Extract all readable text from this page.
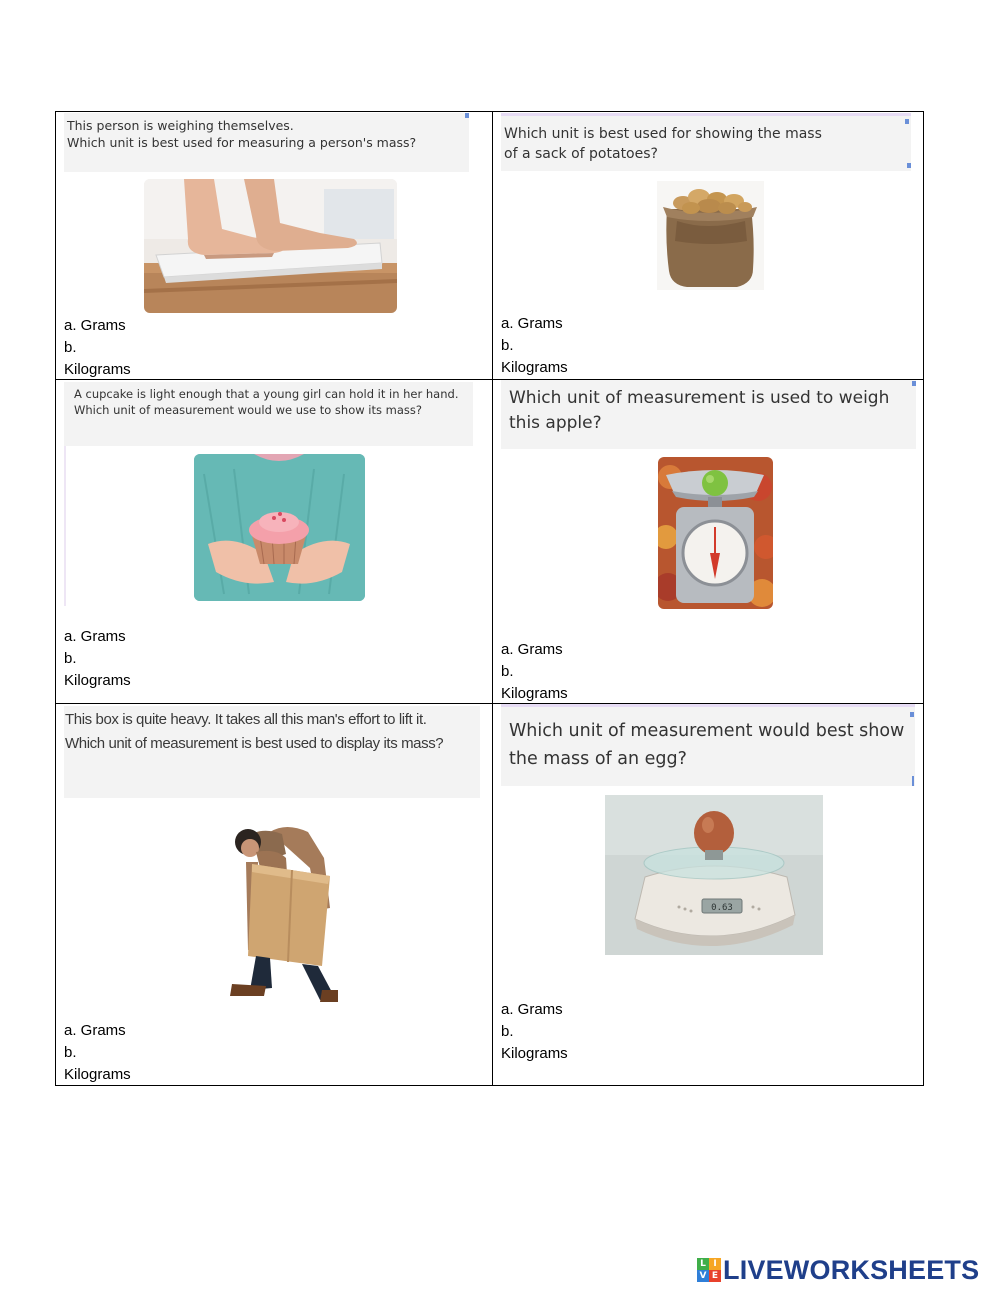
This person is weighing themselves.
Which unit is best used for measuring a person's mass?
a. Grams
b. Kilograms
Which unit is best used for showing the mass
of a sack of potatoes?
a. Grams
b. Kilograms
A cupcake is light enough that a young girl can hold it in her hand.
Which unit of measurement would we use to show its mass?
a. Grams
b. Kilograms
Which unit of measurement is used to weigh
this apple?
a. Grams
b. Kilograms
This box is quite heavy. It takes all this man's effort to lift it.
Which unit of measurement is best used to display its mass?
a. Grams
b. Kilograms
Which unit of measurement would best show
the mass of an egg?
0.63
a. Grams
b. Kilograms
L I
V E LIVEWORKSHEETS
